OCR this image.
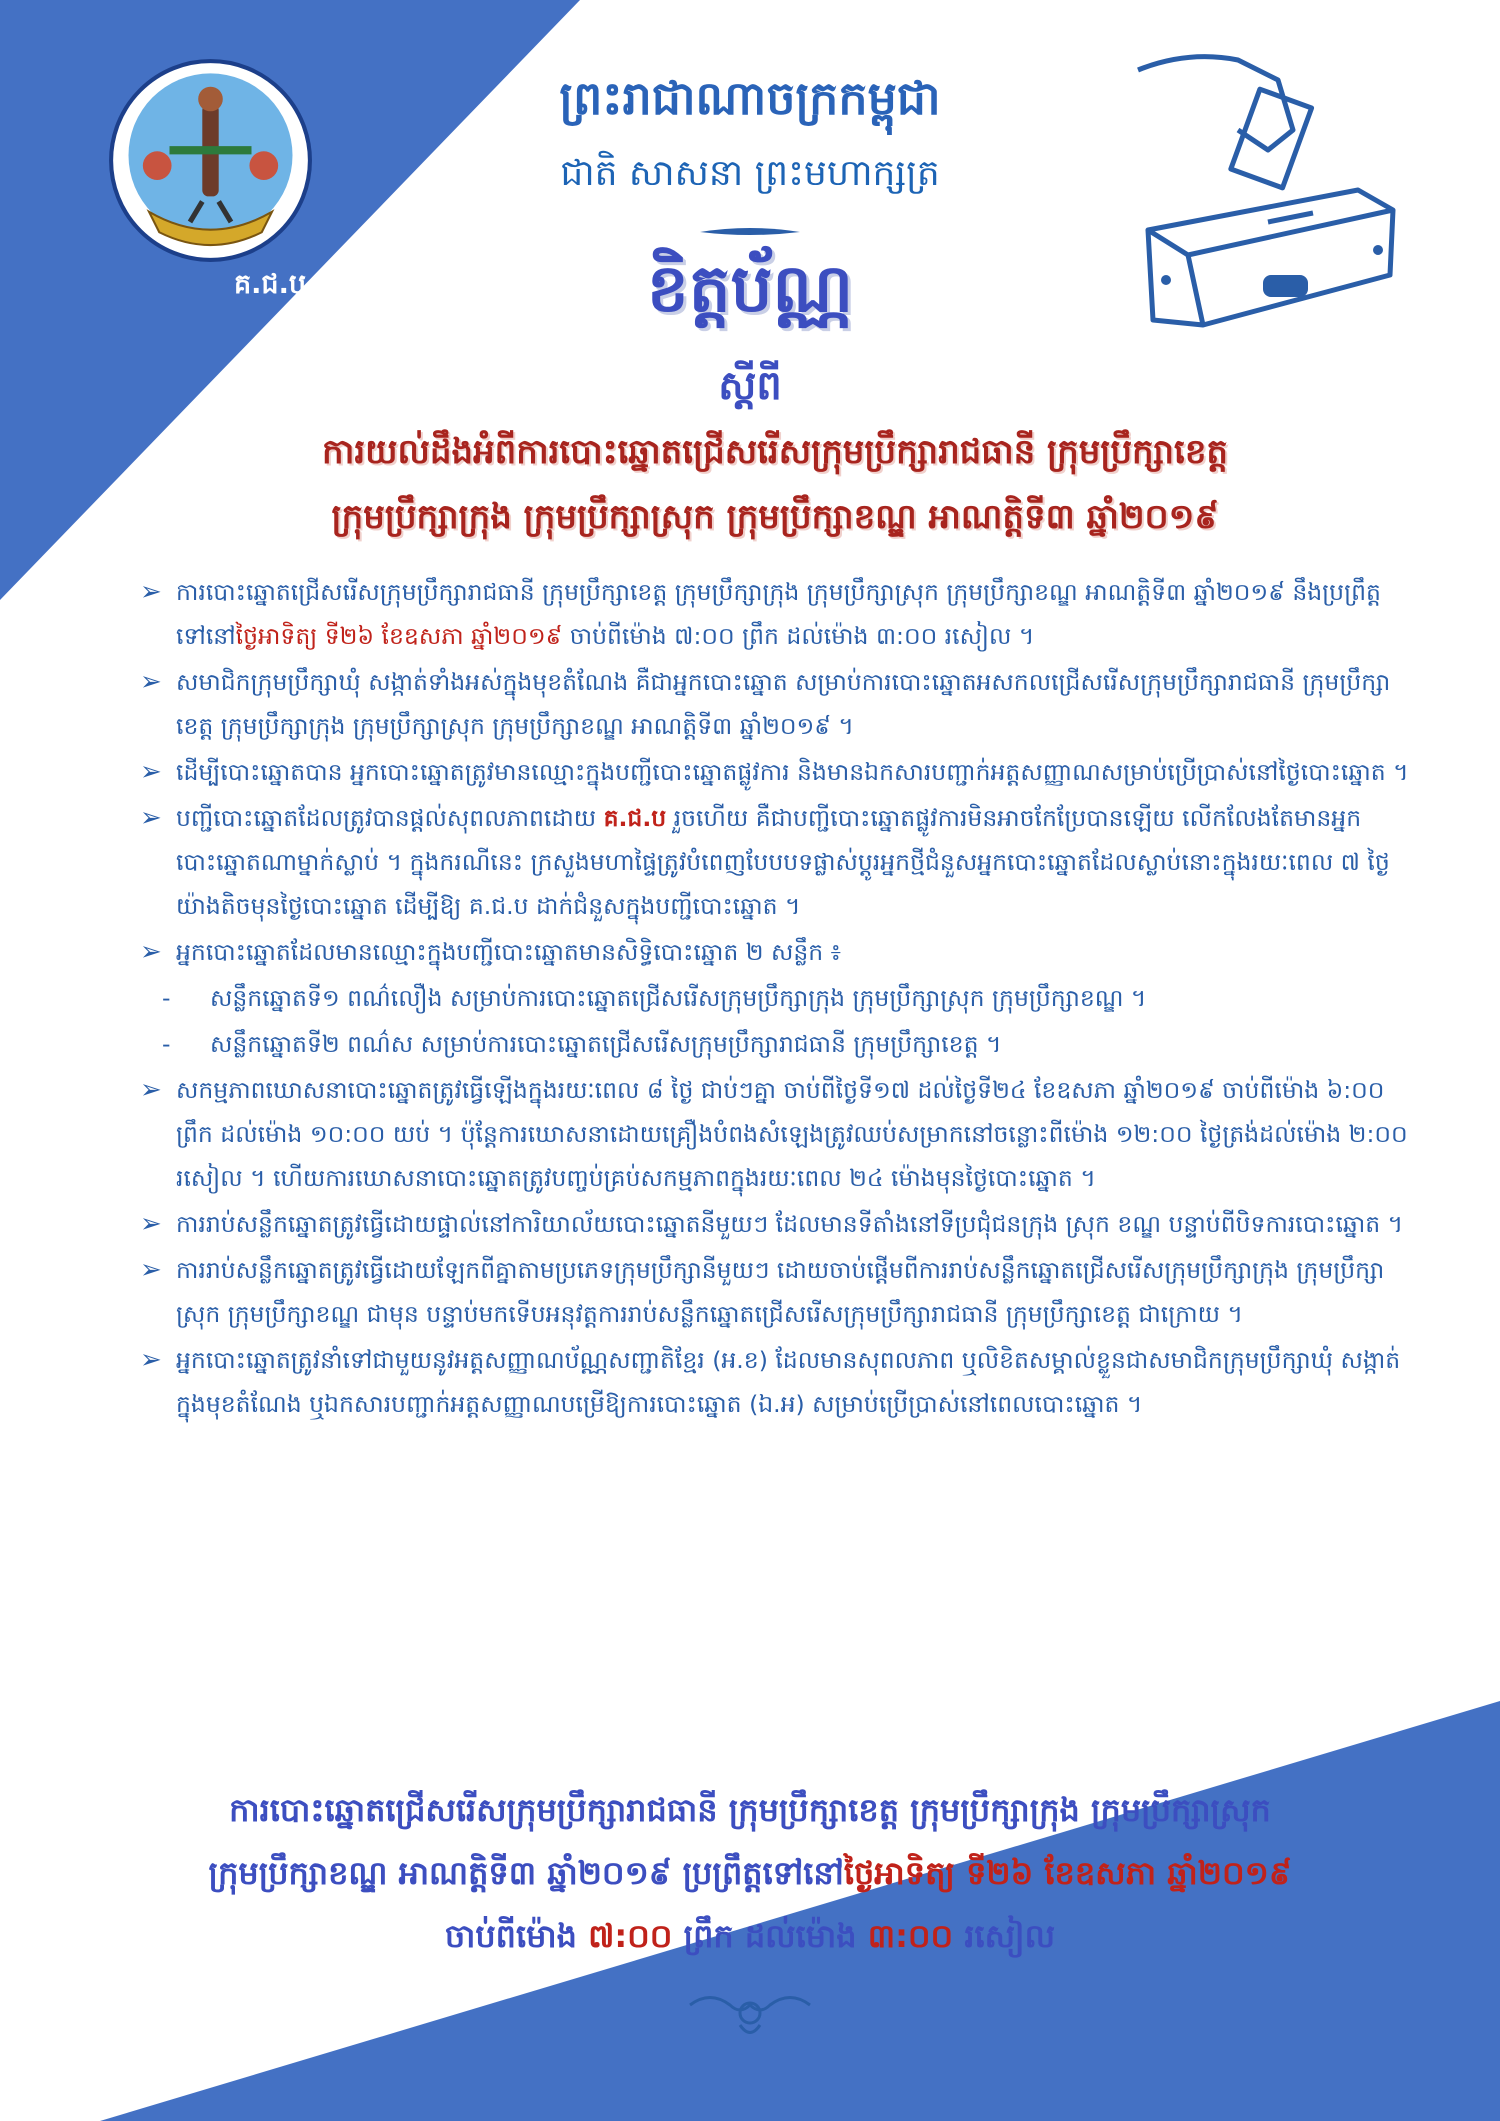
គ.ជ.ប
ព្រះរាជាណាចក្រកម្ពុជា
ជាតិ សាសនា ព្រះមហាក្សត្រ
ខិត្តប័ណ្ណ
ស្តីពី
ការយល់ដឹងអំពីការបោះឆ្នោតជ្រើសរើសក្រុមប្រឹក្សារាជធានី ក្រុមប្រឹក្សាខេត្ត
ក្រុមប្រឹក្សាក្រុង ក្រុមប្រឹក្សាស្រុក ក្រុមប្រឹក្សាខណ្ឌ អាណត្តិទី៣ ឆ្នាំ២០១៩
➢ ការបោះឆ្នោតជ្រើសរើសក្រុមប្រឹក្សារាជធានី ក្រុមប្រឹក្សាខេត្ត ក្រុមប្រឹក្សាក្រុង ក្រុមប្រឹក្សាស្រុក ក្រុមប្រឹក្សាខណ្ឌ អាណត្តិទី៣ ឆ្នាំ២០១៩ នឹងប្រព្រឹត្តទៅនៅថ្ងៃអាទិត្យ ទី២៦ ខែឧសភា ឆ្នាំ២០១៩ ចាប់ពីម៉ោង ៧:០០ ព្រឹក ដល់ម៉ោង ៣:០០ រសៀល ។
➢ សមាជិកក្រុមប្រឹក្សាឃុំ សង្កាត់ទាំងអស់ក្នុងមុខតំណែង គឺជាអ្នកបោះឆ្នោត សម្រាប់ការបោះឆ្នោតអសកលជ្រើសរើសក្រុមប្រឹក្សារាជធានី ក្រុមប្រឹក្សាខេត្ត ក្រុមប្រឹក្សាក្រុង ក្រុមប្រឹក្សាស្រុក ក្រុមប្រឹក្សាខណ្ឌ អាណត្តិទី៣ ឆ្នាំ២០១៩ ។
➢ ដើម្បីបោះឆ្នោតបាន អ្នកបោះឆ្នោតត្រូវមានឈ្មោះក្នុងបញ្ជីបោះឆ្នោតផ្លូវការ និងមានឯកសារបញ្ជាក់អត្តសញ្ញាណសម្រាប់ប្រើប្រាស់នៅថ្ងៃបោះឆ្នោត ។
➢ បញ្ជីបោះឆ្នោតដែលត្រូវបានផ្តល់សុពលភាពដោយ គ.ជ.ប រួចហើយ គឺជាបញ្ជីបោះឆ្នោតផ្លូវការមិនអាចកែប្រែបានឡើយ លើកលែងតែមានអ្នកបោះឆ្នោតណាម្នាក់ស្លាប់ ។ ក្នុងករណីនេះ ក្រសួងមហាផ្ទៃត្រូវបំពេញបែបបទផ្លាស់ប្តូរអ្នកថ្មីជំនួសអ្នកបោះឆ្នោតដែលស្លាប់នោះក្នុងរយៈពេល ៧ ថ្ងៃ យ៉ាងតិចមុនថ្ងៃបោះឆ្នោត ដើម្បីឱ្យ គ.ជ.ប ដាក់ជំនួសក្នុងបញ្ជីបោះឆ្នោត ។
➢ អ្នកបោះឆ្នោតដែលមានឈ្មោះក្នុងបញ្ជីបោះឆ្នោតមានសិទ្ធិបោះឆ្នោត ២ សន្លឹក ៖
- សន្លឹកឆ្នោតទី១ ពណ៌លឿង សម្រាប់ការបោះឆ្នោតជ្រើសរើសក្រុមប្រឹក្សាក្រុង ក្រុមប្រឹក្សាស្រុក ក្រុមប្រឹក្សាខណ្ឌ ។
- សន្លឹកឆ្នោតទី២ ពណ៌ស សម្រាប់ការបោះឆ្នោតជ្រើសរើសក្រុមប្រឹក្សារាជធានី ក្រុមប្រឹក្សាខេត្ត ។
➢ សកម្មភាពឃោសនាបោះឆ្នោតត្រូវធ្វើឡើងក្នុងរយៈពេល ៨ ថ្ងៃ ជាប់ៗគ្នា ចាប់ពីថ្ងៃទី១៧ ដល់ថ្ងៃទី២៤ ខែឧសភា ឆ្នាំ២០១៩ ចាប់ពីម៉ោង ៦:០០ ព្រឹក ដល់ម៉ោង ១០:០០ យប់ ។ ប៉ុន្តែការឃោសនាដោយគ្រឿងបំពងសំឡេងត្រូវឈប់សម្រាកនៅចន្លោះពីម៉ោង ១២:០០ ថ្ងៃត្រង់ដល់ម៉ោង ២:០០ រសៀល ។ ហើយការឃោសនាបោះឆ្នោតត្រូវបញ្ចប់គ្រប់សកម្មភាពក្នុងរយៈពេល ២៤ ម៉ោងមុនថ្ងៃបោះឆ្នោត ។
➢ ការរាប់សន្លឹកឆ្នោតត្រូវធ្វើដោយផ្ទាល់នៅការិយាល័យបោះឆ្នោតនីមួយៗ ដែលមានទីតាំងនៅទីប្រជុំជនក្រុង ស្រុក ខណ្ឌ បន្ទាប់ពីបិទការបោះឆ្នោត ។
➢ ការរាប់សន្លឹកឆ្នោតត្រូវធ្វើដោយឡែកពីគ្នាតាមប្រភេទក្រុមប្រឹក្សានីមួយៗ ដោយចាប់ផ្តើមពីការរាប់សន្លឹកឆ្នោតជ្រើសរើសក្រុមប្រឹក្សាក្រុង ក្រុមប្រឹក្សាស្រុក ក្រុមប្រឹក្សាខណ្ឌ ជាមុន បន្ទាប់មកទើបអនុវត្តការរាប់សន្លឹកឆ្នោតជ្រើសរើសក្រុមប្រឹក្សារាជធានី ក្រុមប្រឹក្សាខេត្ត ជាក្រោយ ។
➢ អ្នកបោះឆ្នោតត្រូវនាំទៅជាមួយនូវអត្តសញ្ញាណប័ណ្ណសញ្ជាតិខ្មែរ (អ.ខ) ដែលមានសុពលភាព ឬលិខិតសម្គាល់ខ្លួនជាសមាជិកក្រុមប្រឹក្សាឃុំ សង្កាត់ក្នុងមុខតំណែង ឬឯកសារបញ្ជាក់អត្តសញ្ញាណបម្រើឱ្យការបោះឆ្នោត (ឯ.អ) សម្រាប់ប្រើប្រាស់នៅពេលបោះឆ្នោត ។
ការបោះឆ្នោតជ្រើសរើសក្រុមប្រឹក្សារាជធានី ក្រុមប្រឹក្សាខេត្ត ក្រុមប្រឹក្សាក្រុង ក្រុមប្រឹក្សាស្រុក
ក្រុមប្រឹក្សាខណ្ឌ អាណត្តិទី៣ ឆ្នាំ២០១៩ ប្រព្រឹត្តទៅនៅថ្ងៃអាទិត្យ ទី២៦ ខែឧសភា ឆ្នាំ២០១៩
ចាប់ពីម៉ោង ៧:០០ ព្រឹក ដល់ម៉ោង ៣:០០ រសៀល
